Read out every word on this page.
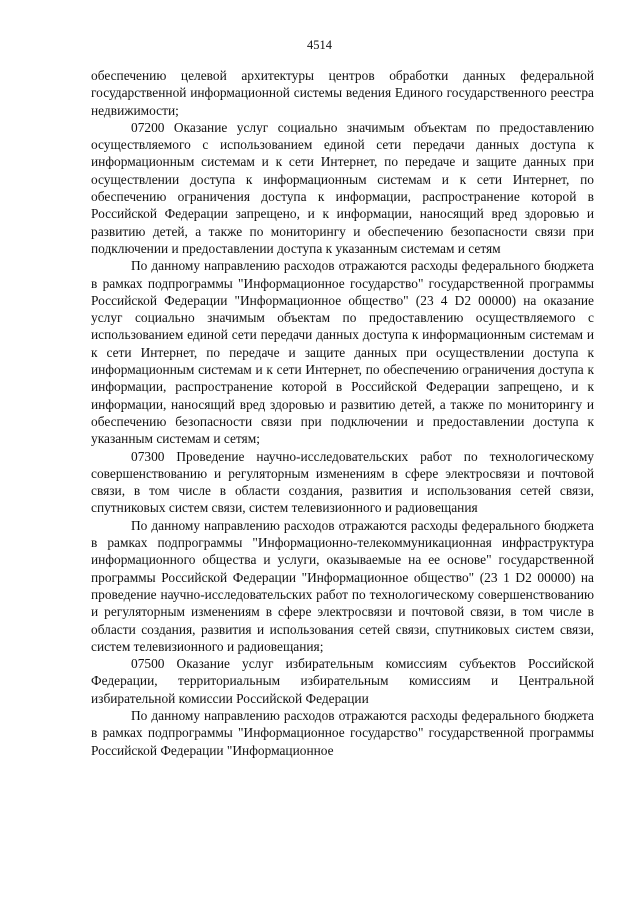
4514

обеспечению целевой архитектуры центров обработки данных федеральной государственной информационной системы ведения Единого государственного реестра недвижимости;

07200 Оказание услуг социально значимым объектам по предоставлению осуществляемого с использованием единой сети передачи данных доступа к информационным системам и к сети Интернет, по передаче и защите данных при осуществлении доступа к информационным системам и к сети Интернет, по обеспечению ограничения доступа к информации, распространение которой в Российской Федерации запрещено, и к информации, наносящий вред здоровью и развитию детей, а также по мониторингу и обеспечению безопасности связи при подключении и предоставлении доступа к указанным системам и сетям

По данному направлению расходов отражаются расходы федерального бюджета в рамках подпрограммы "Информационное государство" государственной программы Российской Федерации "Информационное общество" (23 4 D2 00000) на оказание услуг социально значимым объектам по предоставлению осуществляемого с использованием единой сети передачи данных доступа к информационным системам и к сети Интернет, по передаче и защите данных при осуществлении доступа к информационным системам и к сети Интернет, по обеспечению ограничения доступа к информации, распространение которой в Российской Федерации запрещено, и к информации, наносящий вред здоровью и развитию детей, а также по мониторингу и обеспечению безопасности связи при подключении и предоставлении доступа к указанным системам и сетям;

07300 Проведение научно-исследовательских работ по технологическому совершенствованию и регуляторным изменениям в сфере электросвязи и почтовой связи, в том числе в области создания, развития и использования сетей связи, спутниковых систем связи, систем телевизионного и радиовещания

По данному направлению расходов отражаются расходы федерального бюджета в рамках подпрограммы "Информационно-телекоммуникационная инфраструктура информационного общества и услуги, оказываемые на ее основе" государственной программы Российской Федерации "Информационное общество" (23 1 D2 00000) на проведение научно-исследовательских работ по технологическому совершенствованию и регуляторным изменениям в сфере электросвязи и почтовой связи, в том числе в области создания, развития и использования сетей связи, спутниковых систем связи, систем телевизионного и радиовещания;

07500 Оказание услуг избирательным комиссиям субъектов Российской Федерации, территориальным избирательным комиссиям и Центральной избирательной комиссии Российской Федерации

По данному направлению расходов отражаются расходы федерального бюджета в рамках подпрограммы "Информационное государство" государственной программы Российской Федерации "Информационное
